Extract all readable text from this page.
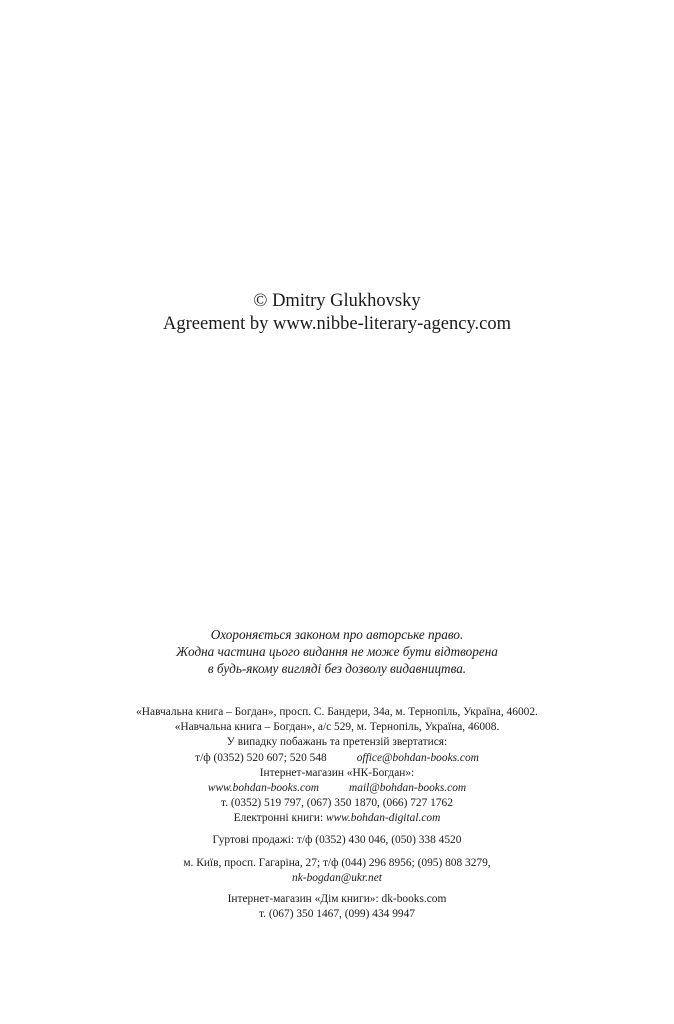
© Dmitry Glukhovsky
Agreement by www.nibbe-literary-agency.com
Охороняється законом про авторське право.
Жодна частина цього видання не може бути відтворена
в будь-якому вигляді без дозволу видавництва.
«Навчальна книга – Богдан», просп. С. Бандери, 34а, м. Тернопіль, Україна, 46002.
«Навчальна книга – Богдан», а/с 529, м. Тернопіль, Україна, 46008.
У випадку побажань та претензій звертатися:
т/ф (0352) 520 607; 520 548	office@bohdan-books.com
Інтернет-магазин «НК-Богдан»:
www.bohdan-books.com	mail@bohdan-books.com
т. (0352) 519 797, (067) 350 1870, (066) 727 1762
Електронні книги: www.bohdan-digital.com
Гуртові продажі: т/ф (0352) 430 046, (050) 338 4520
м. Київ, просп. Гагаріна, 27; т/ф (044) 296 8956; (095) 808 3279,
nk-bogdan@ukr.net
Інтернет-магазин «Дім книги»: dk-books.com
т. (067) 350 1467, (099) 434 9947
